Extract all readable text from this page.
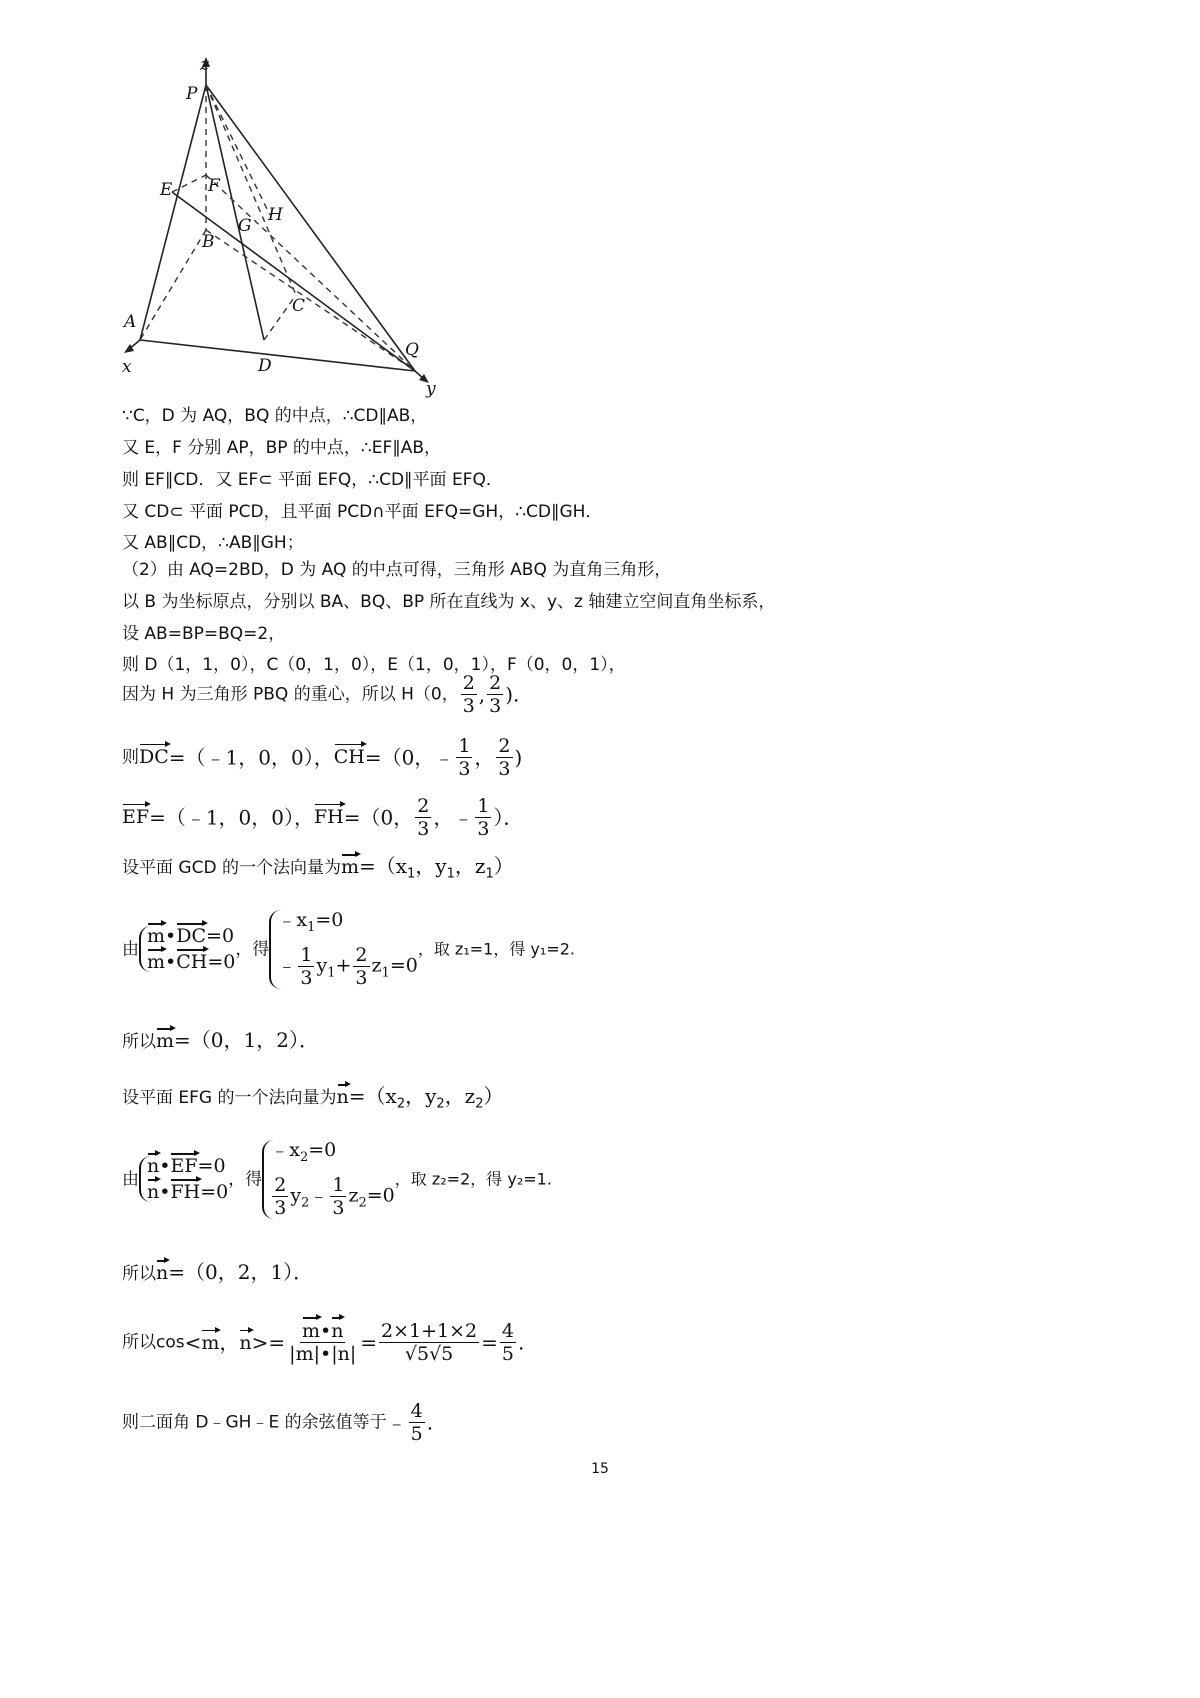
z
P
E F
H
G
B
C
A
D
Q
x
y
∵C，D 为 AQ，BQ 的中点，∴CD∥AB，
又 E，F 分别 AP，BP 的中点，∴EF∥AB，
则 EF∥CD．又 EF⊂ 平面 EFQ，∴CD∥平面 EFQ．
又 CD⊂ 平面 PCD，且平面 PCD∩平面 EFQ=GH，∴CD∥GH．
又 AB∥CD，∴AB∥GH；
（2）由 AQ=2BD，D 为 AQ 的中点可得，三角形 ABQ 为直角三角形，
以 B 为坐标原点，分别以 BA、BQ、BP 所在直线为 x、y、z 轴建立空间直角坐标系，
设 AB=BP=BQ=2，
则 D（1，1，0），C（0，1，0），E（1，0，1），F（0，0，1），
因为 H 为三角形 PBQ 的重心，所以 H（0， $\frac{2}{3}$ , $\frac{2}{3}$ ).
则DC=（﹣1，0，0），CH=（0，﹣ $\frac{1}{3}$ ， $\frac{2}{3}$ )
EF=（﹣1，0，0），FH=（0， $\frac{2}{3}$ ，﹣ $\frac{1}{3}$ ）．
设平面 GCD 的一个法向量为$m=(x_1$，$y_1$，$z_1$）
由
m•DC=0
m•CH=0
，得
$﹣x_1=0$
﹣ $\frac{1}{3} y_1+ \frac{2}{3} z_1=0$
，取 z₁=1，得 y₁=2.
所以m=（0，1，2）．
设平面 EFG 的一个法向量为$n=(x_2$，$y_2$，$z_2$）
由
n•EF=0
n•FH=0
，得
$﹣x_2=0$
$\frac{2}{3}$ $y_2﹣ \frac{1}{3} z_2=0$
，取 z₂=2，得 y₂=1.
所以n=（0，2，1）．
所以cos<m，$n>= \frac{m•n}{|m|•|n|} = \frac{2\times 1+1\times 2}{√5√5} = \frac{4}{5}$ .
则二面角 D﹣GH﹣E 的余弦值等于﹣ $\frac{4}{5}$ .
15
